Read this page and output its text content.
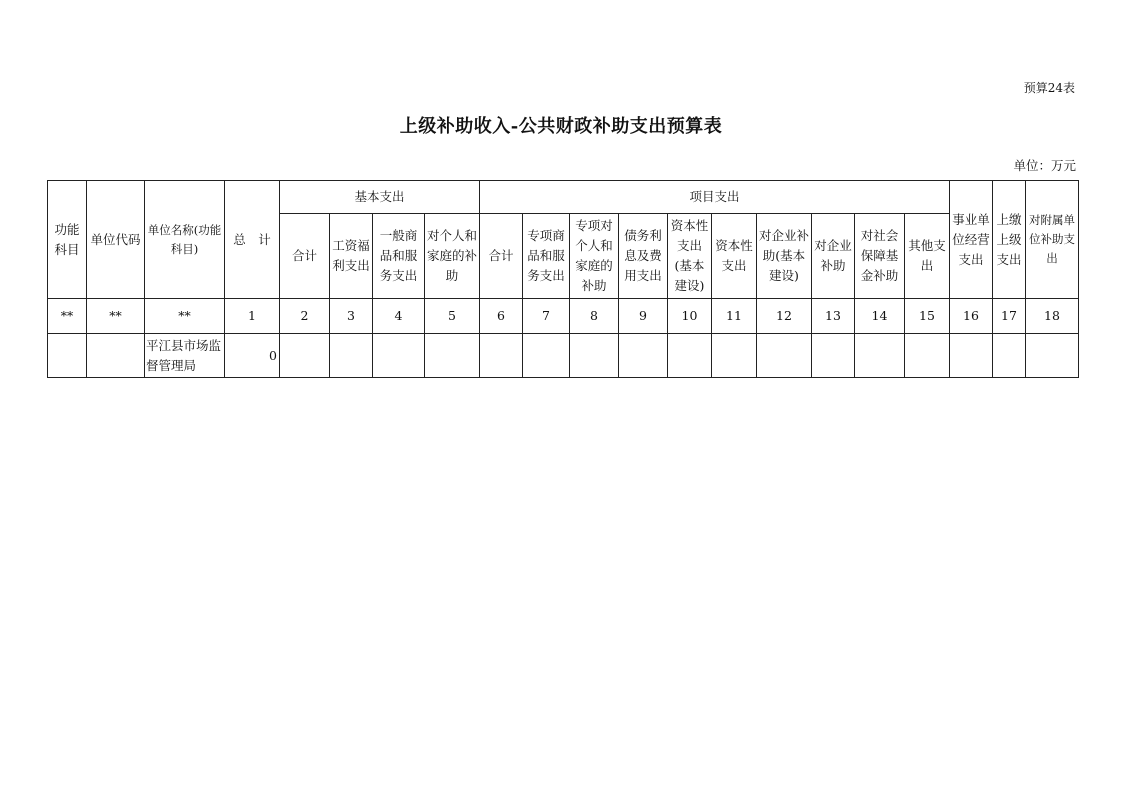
预算24表
上级补助收入-公共财政补助支出预算表
单位：万元
功能科目	单位代码	单位名称(功能科目)	总　计	基本支出				项目支出										事业单位经营支出	上缴上级支出	对附属单位补助支出
				合计	工资福利支出	一般商品和服务支出	对个人和家庭的补助	合计	专项商品和服务支出	专项对个人和家庭的补助	债务利息及费用支出	资本性支出(基本建设)	资本性支出	对企业补助(基本建设)	对企业补助	对社会保障基金补助	其他支出			
**	**	**	1	2	3	4	5	6	7	8	9	10	11	12	13	14	15	16	17	18
		平江县市场监督管理局	0																	
